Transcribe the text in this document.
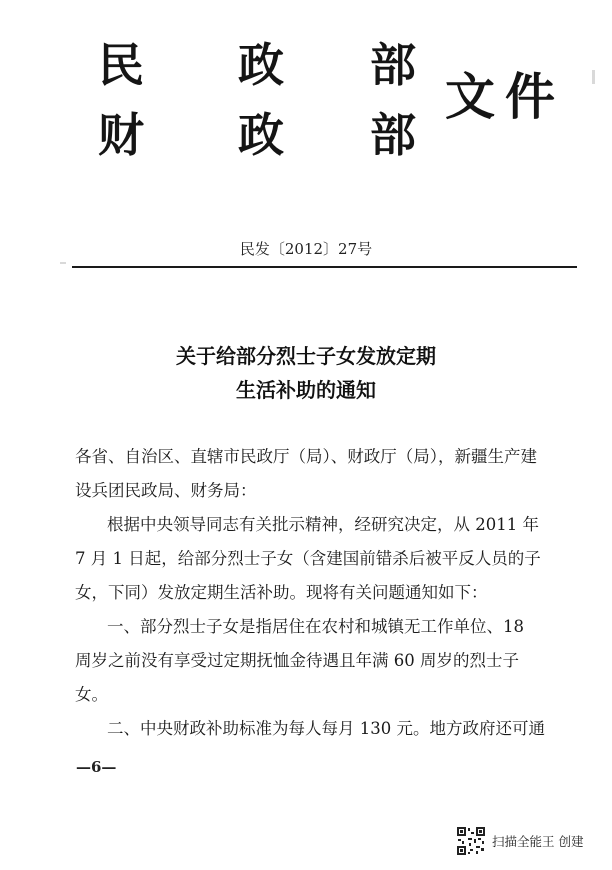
民 政 部
财 政 部
文件
民发〔2012〕27号
关于给部分烈士子女发放定期
生活补助的通知
各省、自治区、直辖市民政厅（局）、财政厅（局），新疆生产建
设兵团民政局、财务局：
根据中央领导同志有关批示精神，经研究决定，从 2011 年
7 月 1 日起，给部分烈士子女（含建国前错杀后被平反人员的子
女，下同）发放定期生活补助。现将有关问题通知如下：
一、部分烈士子女是指居住在农村和城镇无工作单位、18
周岁之前没有享受过定期抚恤金待遇且年满 60 周岁的烈士子
女。
二、中央财政补助标准为每人每月 130 元。地方政府还可通
—6—
扫描全能王 创建
